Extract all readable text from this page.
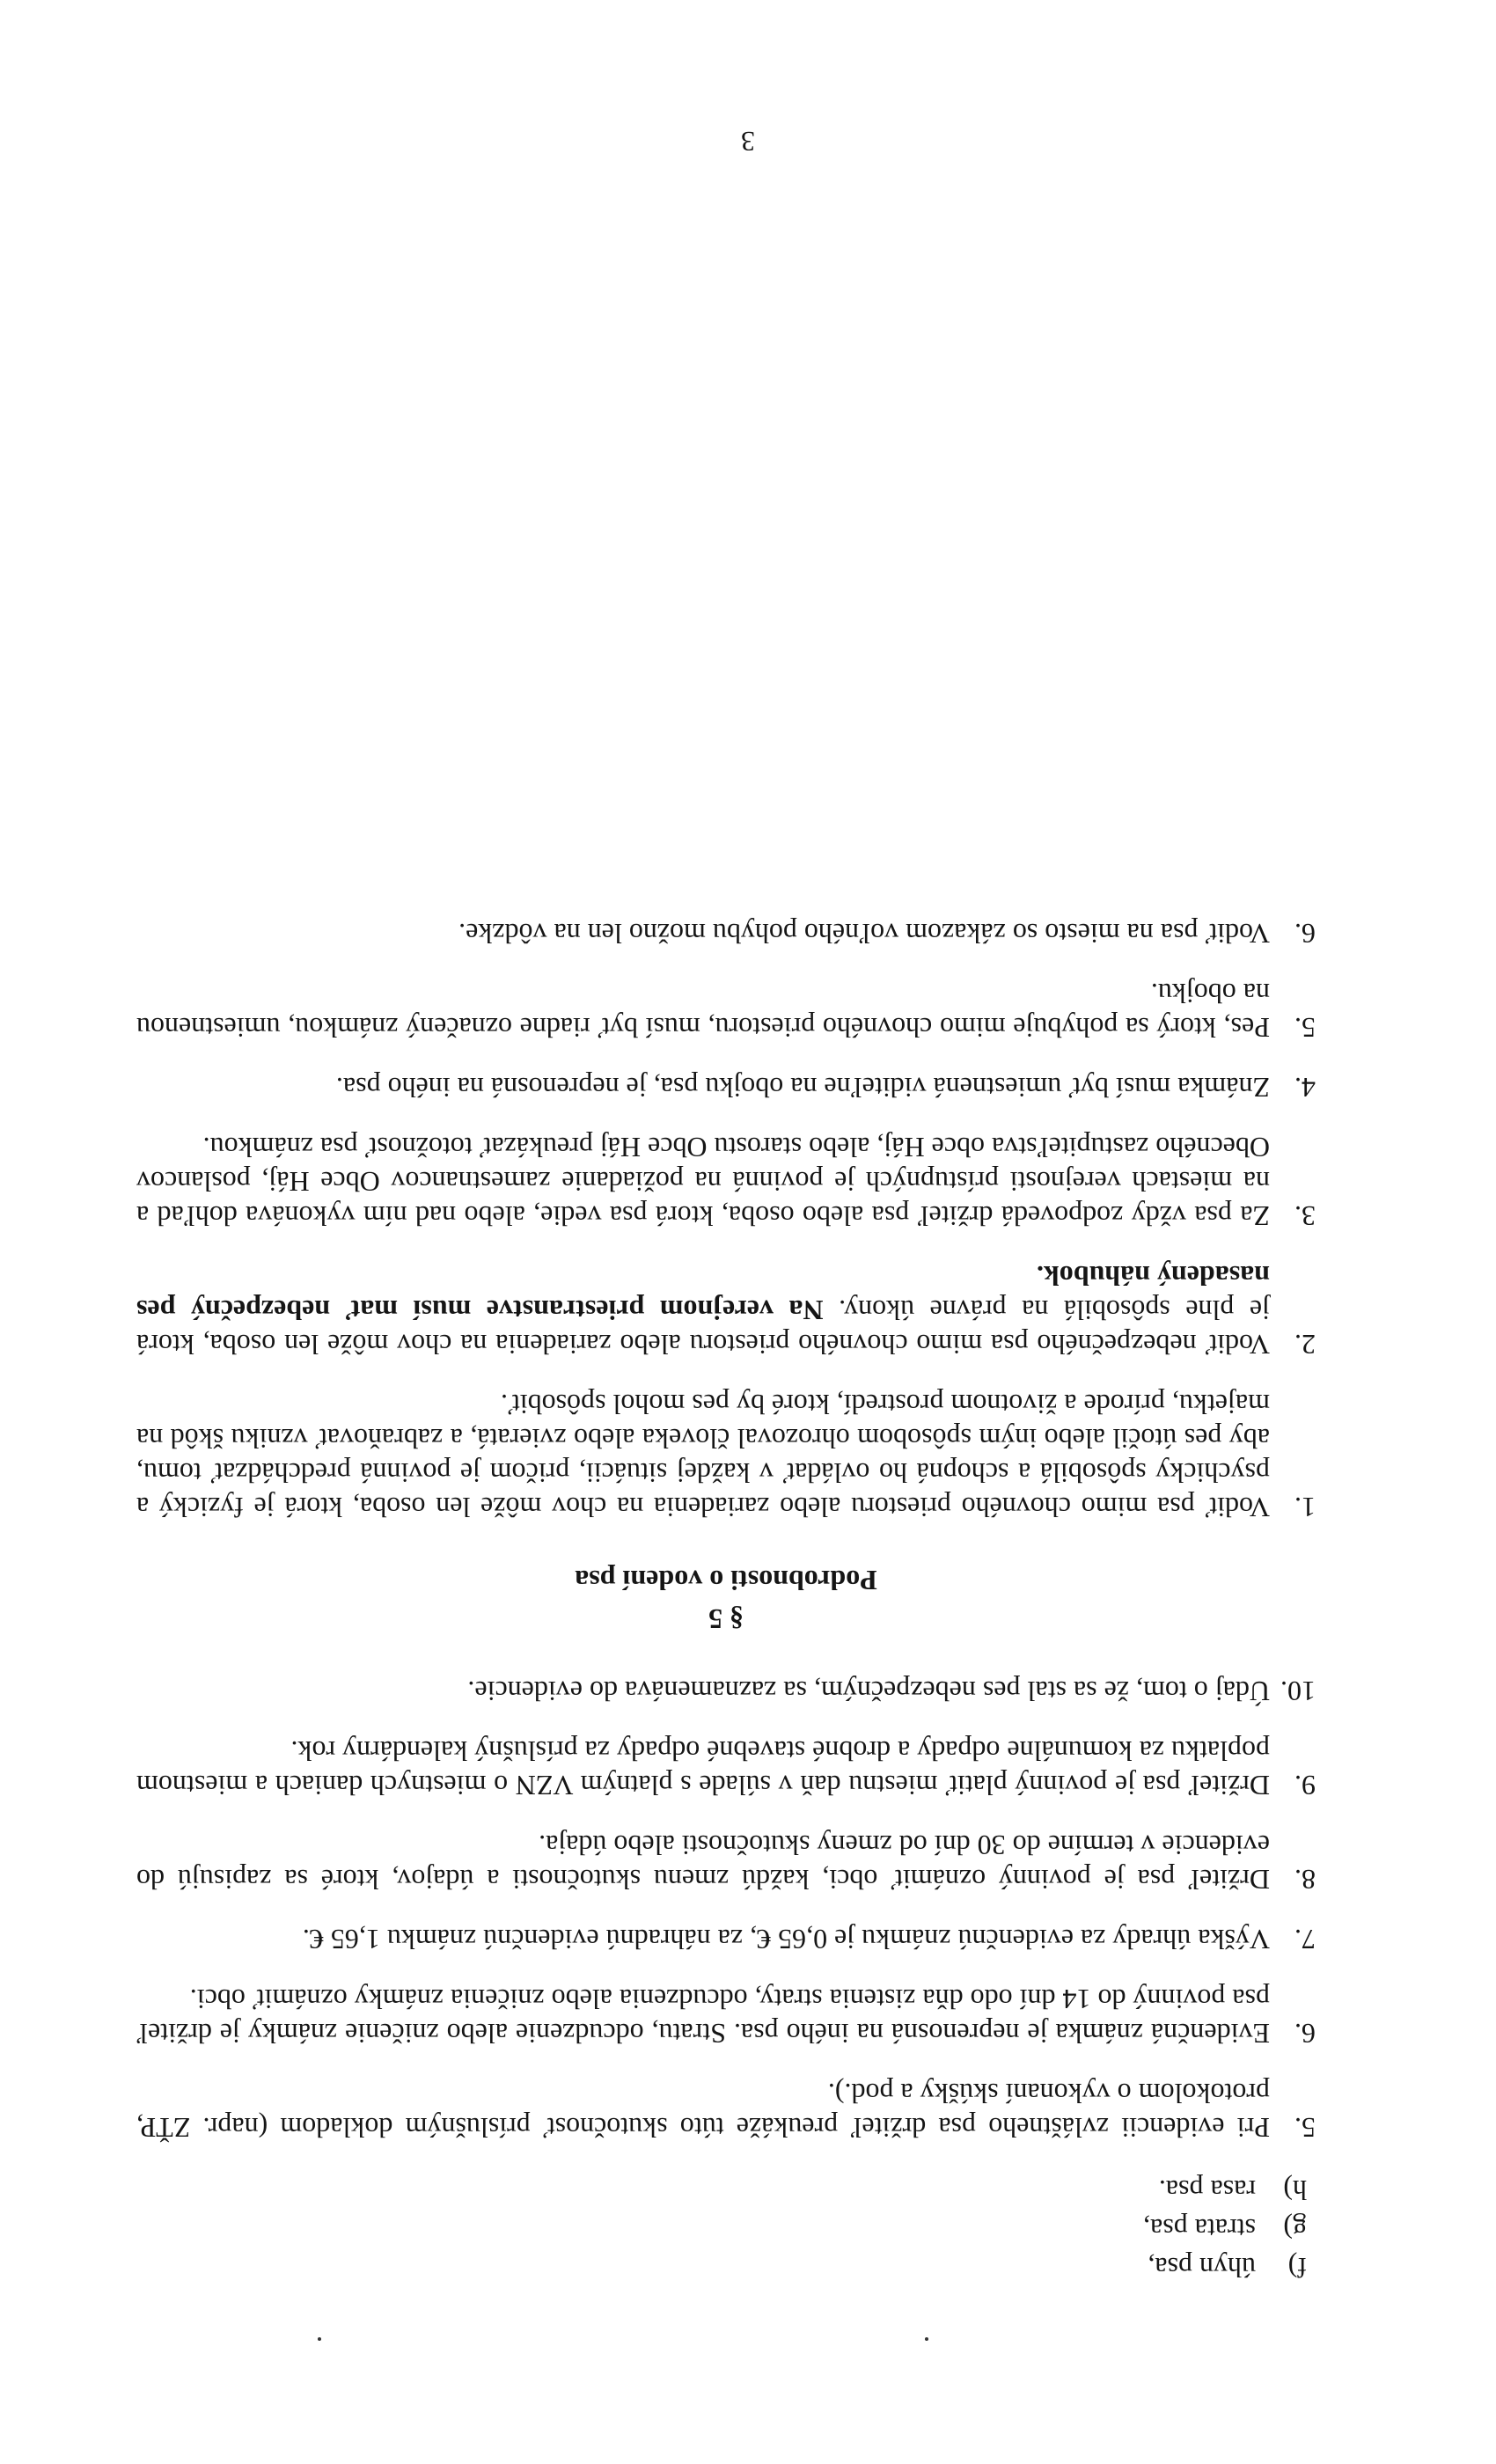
f)
úhyn psa,
g)
strata psa,
h)
rasa psa.
5.
Pri evidencii zvláštneho psa držiteľ preukáže túto skutočnosť príslušným dokladom (napr. ZŤP, protokolom o vykonaní skúšky a pod.).
6.
Evidenčná známka je neprenosná na iného psa. Stratu, odcudzenie alebo zničenie známky je držiteľ psa povinný do 14 dní odo dňa zistenia straty, odcudzenia alebo zničenia známky oznámiť obci.
7.
Výška úhrady za evidenčnú známku je 0,65 €, za náhradnú evidenčnú známku 1,65 €.
8.
Držiteľ psa je povinný oznámiť obci, každú zmenu skutočnosti a údajov, ktoré sa zapisujú do evidencie v termíne do 30 dní od zmeny skutočnosti alebo údaja.
9.
Držiteľ psa je povinný platiť miestnu daň v súlade s platným VZN o miestnych daniach a miestnom poplatku za komunálne odpady a drobné stavebné odpady za príslušný kalendárny rok.
10.
Údaj o tom, že sa stal pes nebezpečným, sa zaznamenáva do evidencie.
§ 5
Podrobnosti o vodení psa
1.
Vodiť psa mimo chovného priestoru alebo zariadenia na chov môže len osoba, ktorá je fyzický a psychicky spôsobilá a schopná ho ovládať v každej situácii, pričom je povinná predchádzať tomu, aby pes útočil alebo iným spôsobom ohrozoval človeka alebo zvieratá, a zabraňovať vzniku škôd na majetku, prírode a životnom prostredí, ktoré by pes mohol spôsobiť.
2.
Vodiť nebezpečného psa mimo chovného priestoru alebo zariadenia na chov môže len osoba, ktorá je plne spôsobilá na právne úkony. Na verejnom priestranstve musí mať nebezpečný pes nasadený náhubok.
3.
Za psa vždy zodpovedá držiteľ psa alebo osoba, ktorá psa vedie, alebo nad ním vykonáva dohľad a na miestach verejnosti prístupných je povinná na požiadanie zamestnancov Obce Háj, poslancov Obecného zastupiteľstva obce Háj, alebo starostu Obce Háj preukázať totožnosť psa známkou.
4.
Známka musí byť umiestnená viditeľne na obojku psa, je neprenosná na iného psa.
5.
Pes, ktorý sa pohybuje mimo chovného priestoru, musí byť riadne označený známkou, umiestnenou na obojku.
6.
Vodiť psa na miesto so zákazom voľného pohybu možno len na vôdzke.
3
